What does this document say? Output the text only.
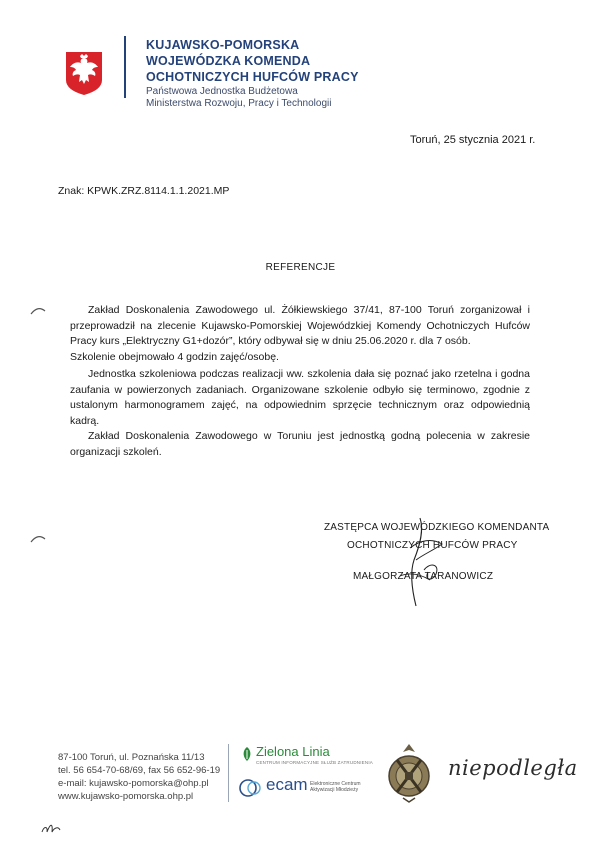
KUJAWSKO-POMORSKA
WOJEWÓDZKA KOMENDA
OCHOTNICZYCH HUFCÓW PRACY
Państwowa Jednostka Budżetowa
Ministerstwa Rozwoju, Pracy i Technologii
Toruń, 25 stycznia 2021 r.
Znak: KPWK.ZRZ.8114.1.1.2021.MP
REFERENCJE

Zakład Doskonalenia Zawodowego ul. Żółkiewskiego 37/41, 87-100 Toruń zorganizował i przeprowadził na zlecenie Kujawsko-Pomorskiej Wojewódzkiej Komendy Ochotniczych Hufców Pracy kurs „Elektryczny G1+dozór”, który odbywał się w dniu 25.06.2020 r. dla 7 osób.

Szkolenie obejmowało 4 godzin zajęć/osobę.

Jednostka szkoleniowa podczas realizacji ww. szkolenia dała się poznać jako rzetelna i godna zaufania w powierzonych zadaniach. Organizowane szkolenie odbyło się terminowo, zgodnie z ustalonym harmonogramem zajęć, na odpowiednim sprzęcie technicznym oraz odpowiednią kadrą.

Zakład Doskonalenia Zawodowego w Toruniu jest jednostką godną polecenia w zakresie organizacji szkoleń.

ZASTĘPCA WOJEWÓDZKIEGO KOMENDANTA
OCHOTNICZYCH HUFCÓW PRACY
MAŁGORZATA TARANOWICZ
87-100 Toruń, ul. Poznańska 11/13
tel. 56 654-70-68/69, fax 56 652-96-19
e-mail: kujawsko-pomorska@ohp.pl
www.kujawsko-pomorska.ohp.pl
Zielona Linia
CENTRUM INFORMACYJNE SŁUŻB ZATRUDNIENIA
ecam Elektroniczne Centrum Aktywizacji Młodzieży
niepodległa
